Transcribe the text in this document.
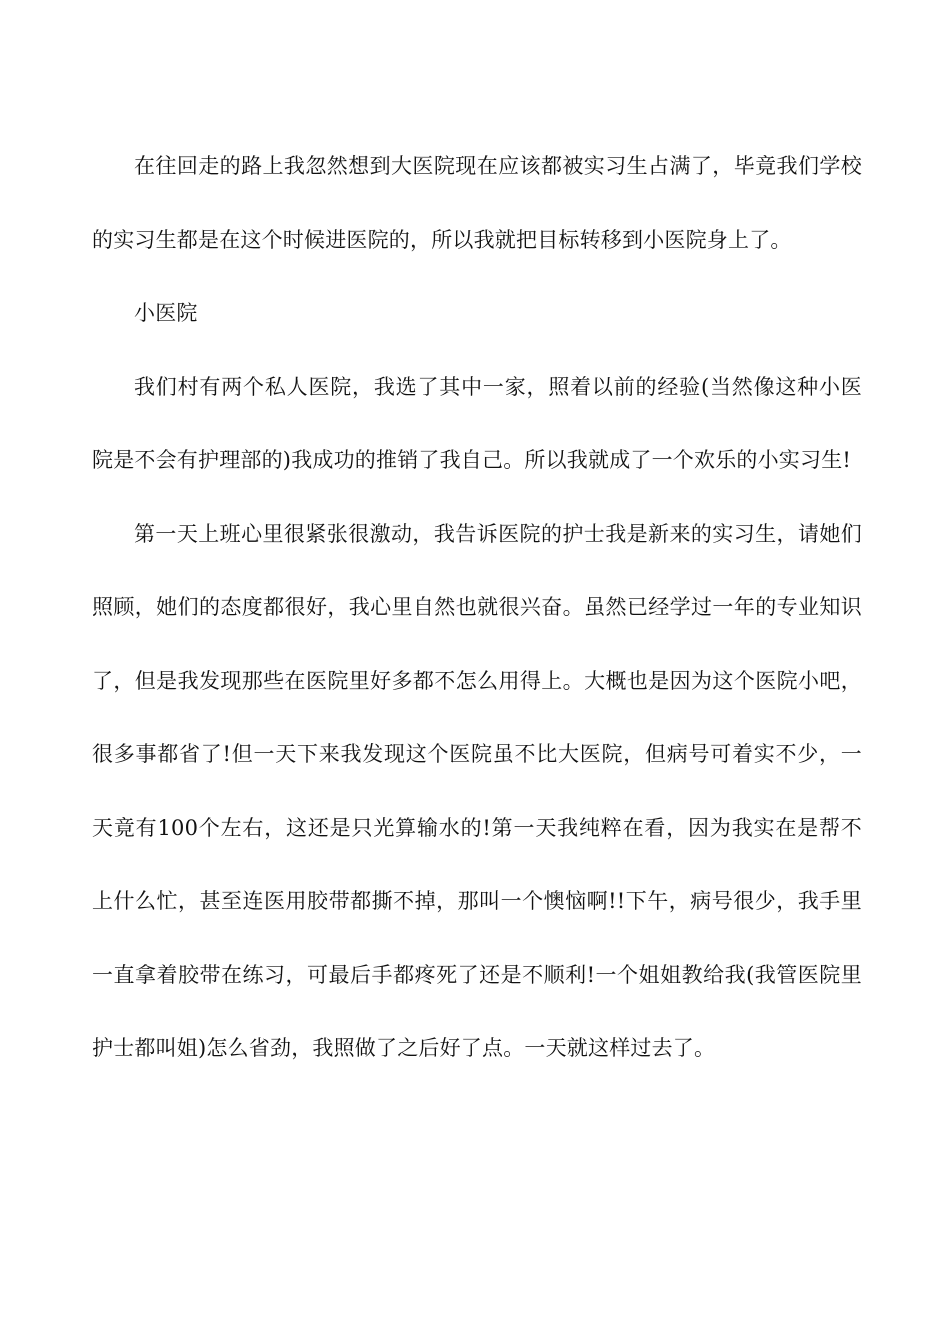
在往回走的路上我忽然想到大医院现在应该都被实习生占满了，毕竟我们学校的实习生都是在这个时候进医院的，所以我就把目标转移到小医院身上了。

小医院

我们村有两个私人医院，我选了其中一家，照着以前的经验(当然像这种小医院是不会有护理部的)我成功的推销了我自己。所以我就成了一个欢乐的小实习生!

第一天上班心里很紧张很激动，我告诉医院的护士我是新来的实习生，请她们照顾，她们的态度都很好，我心里自然也就很兴奋。虽然已经学过一年的专业知识了，但是我发现那些在医院里好多都不怎么用得上。大概也是因为这个医院小吧，很多事都省了!但一天下来我发现这个医院虽不比大医院，但病号可着实不少，一天竟有100个左右，这还是只光算输水的!第一天我纯粹在看，因为我实在是帮不上什么忙，甚至连医用胶带都撕不掉，那叫一个懊恼啊!!下午，病号很少，我手里一直拿着胶带在练习，可最后手都疼死了还是不顺利!一个姐姐教给我(我管医院里护士都叫姐)怎么省劲，我照做了之后好了点。一天就这样过去了。
